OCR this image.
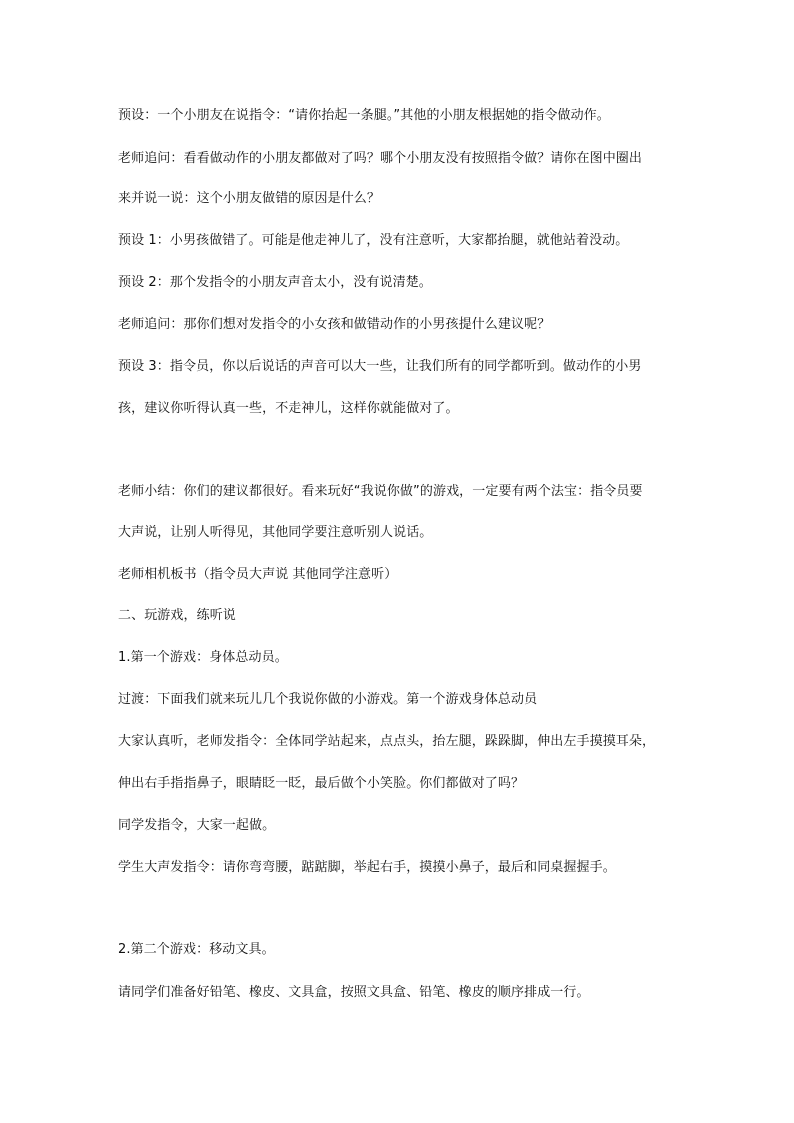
预设：一个小朋友在说指令：“请你抬起一条腿。”其他的小朋友根据她的指令做动作。
老师追问：看看做动作的小朋友都做对了吗？哪个小朋友没有按照指令做？请你在图中圈出
来并说一说：这个小朋友做错的原因是什么？
预设 1：小男孩做错了。可能是他走神儿了，没有注意听，大家都抬腿，就他站着没动。
预设 2：那个发指令的小朋友声音太小，没有说清楚。
老师追问：那你们想对发指令的小女孩和做错动作的小男孩提什么建议呢？
预设 3：指令员，你以后说话的声音可以大一些，让我们所有的同学都听到。做动作的小男
孩，建议你听得认真一些，不走神儿，这样你就能做对了。
老师小结：你们的建议都很好。看来玩好“我说你做”的游戏，一定要有两个法宝：指令员要
大声说，让别人听得见，其他同学要注意听别人说话。
老师相机板书（指令员大声说 其他同学注意听）
二、玩游戏，练听说
1.第一个游戏：身体总动员。
过渡：下面我们就来玩儿几个我说你做的小游戏。第一个游戏身体总动员
大家认真听，老师发指令：全体同学站起来，点点头，抬左腿，跺跺脚，伸出左手摸摸耳朵，
伸出右手指指鼻子，眼睛眨一眨，最后做个小笑脸。你们都做对了吗？
同学发指令，大家一起做。
学生大声发指令：请你弯弯腰，踮踮脚，举起右手，摸摸小鼻子，最后和同桌握握手。
2.第二个游戏：移动文具。
请同学们准备好铅笔、橡皮、文具盒，按照文具盒、铅笔、橡皮的顺序排成一行。
